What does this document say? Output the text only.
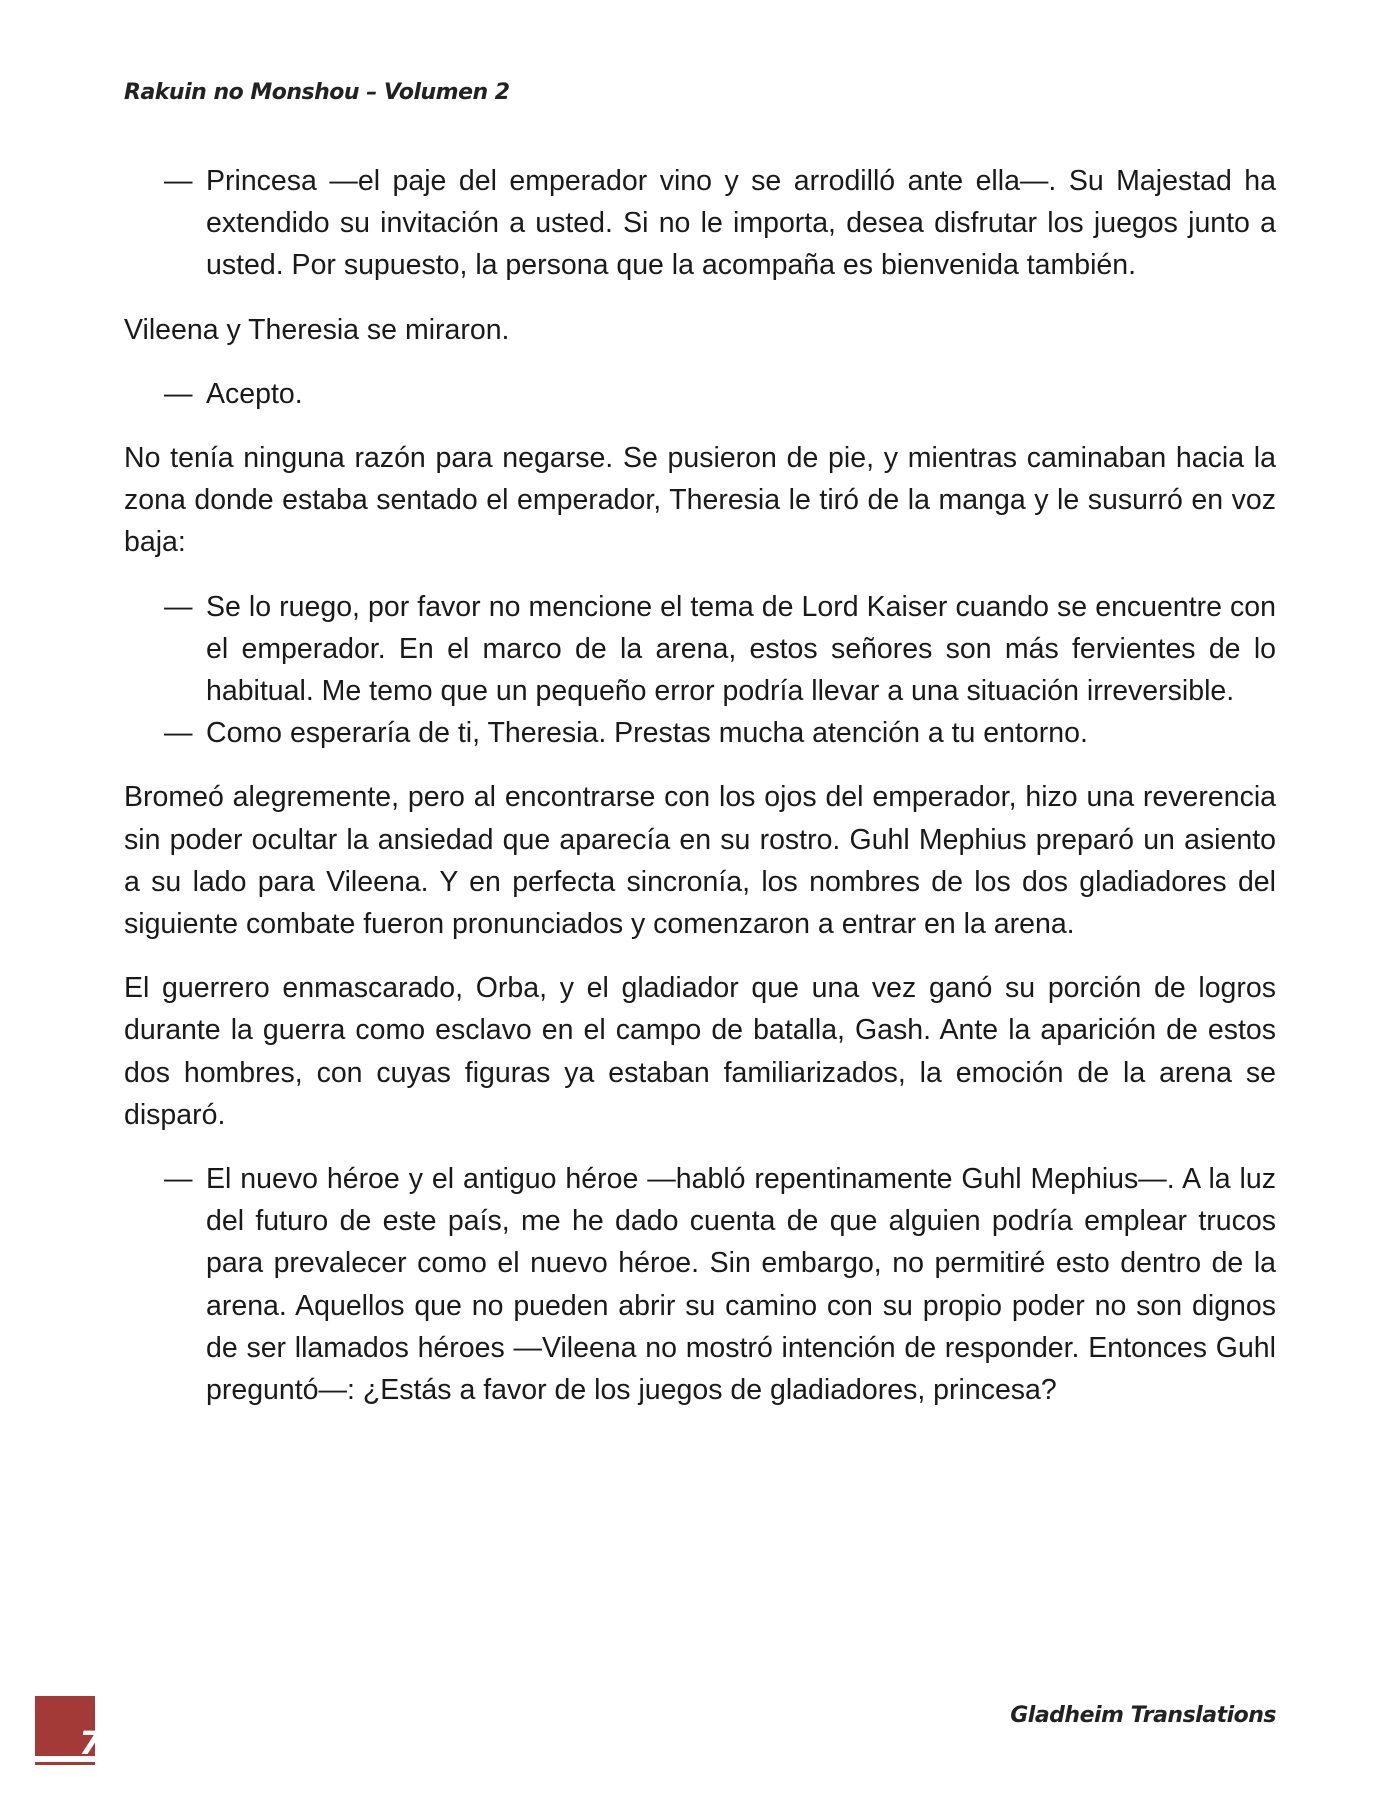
Rakuin no Monshou – Volumen 2

— Princesa —el paje del emperador vino y se arrodilló ante ella—. Su Majestad ha extendido su invitación a usted. Si no le importa, desea disfrutar los juegos junto a usted. Por supuesto, la persona que la acompaña es bienvenida también.

Vileena y Theresia se miraron.

— Acepto.

No tenía ninguna razón para negarse. Se pusieron de pie, y mientras caminaban hacia la zona donde estaba sentado el emperador, Theresia le tiró de la manga y le susurró en voz baja:

— Se lo ruego, por favor no mencione el tema de Lord Kaiser cuando se encuentre con el emperador. En el marco de la arena, estos señores son más fervientes de lo habitual. Me temo que un pequeño error podría llevar a una situación irreversible.

— Como esperaría de ti, Theresia. Prestas mucha atención a tu entorno.

Bromeó alegremente, pero al encontrarse con los ojos del emperador, hizo una reverencia sin poder ocultar la ansiedad que aparecía en su rostro. Guhl Mephius preparó un asiento a su lado para Vileena. Y en perfecta sincronía, los nombres de los dos gladiadores del siguiente combate fueron pronunciados y comenzaron a entrar en la arena.

El guerrero enmascarado, Orba, y el gladiador que una vez ganó su porción de logros durante la guerra como esclavo en el campo de batalla, Gash. Ante la aparición de estos dos hombres, con cuyas figuras ya estaban familiarizados, la emoción de la arena se disparó.

— El nuevo héroe y el antiguo héroe —habló repentinamente Guhl Mephius—. A la luz del futuro de este país, me he dado cuenta de que alguien podría emplear trucos para prevalecer como el nuevo héroe. Sin embargo, no permitiré esto dentro de la arena. Aquellos que no pueden abrir su camino con su propio poder no son dignos de ser llamados héroes —Vileena no mostró intención de responder. Entonces Guhl preguntó—: ¿Estás a favor de los juegos de gladiadores, princesa?

7
Gladheim Translations
